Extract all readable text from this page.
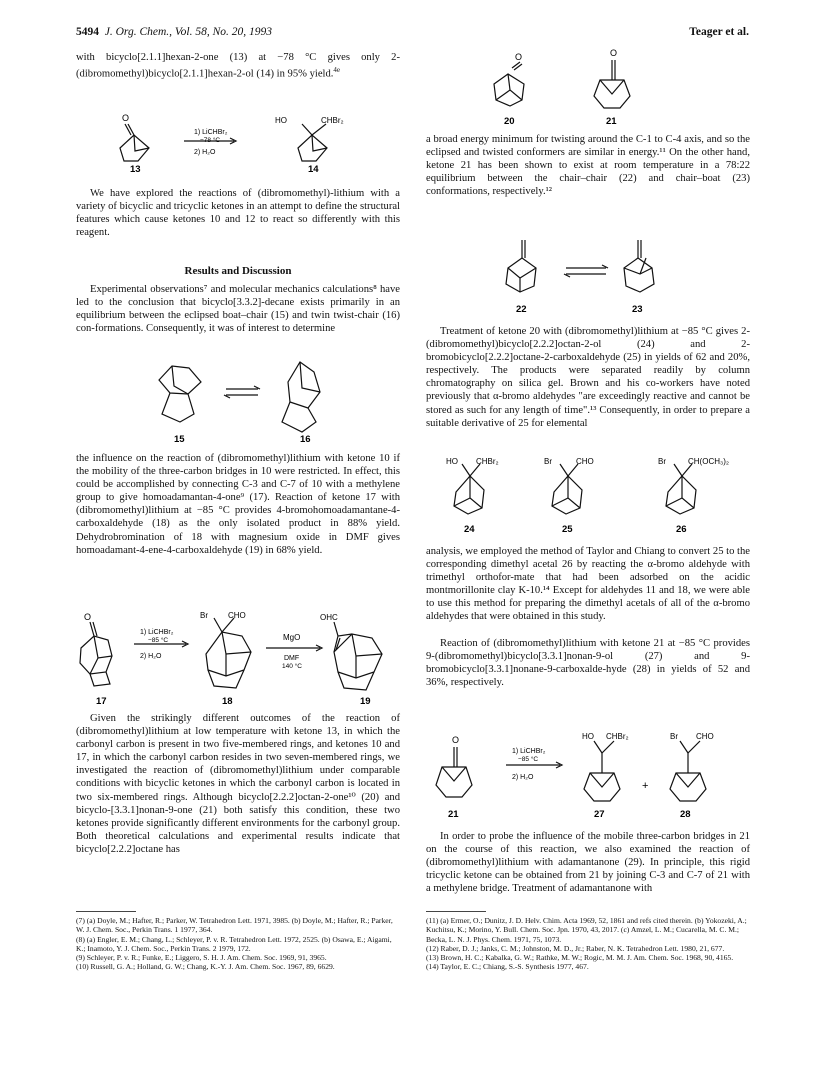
5494 J. Org. Chem., Vol. 58, No. 20, 1993	Teager et al.

with bicyclo[2.1.1]hexan-2-one (13) at −78 °C gives only 2-(dibromomethyl)bicyclo[2.1.1]hexan-2-ol (14) in 95% yield.$^{4e}$

O
1) LiCHBr₂
−78 °C
2) H₂O
HO	CHBr₂
13	14

We have explored the reactions of (dibromomethyl)-lithium with a variety of bicyclic and tricyclic ketones in an attempt to define the structural features which cause ketones 10 and 12 to react so differently with this reagent.

Results and Discussion

Experimental observations⁷ and molecular mechanics calculations⁸ have led to the conclusion that bicyclo[3.3.2]-decane exists primarily in an equilibrium between the eclipsed boat–chair (15) and twin twist-chair (16) con-formations. Consequently, it was of interest to determine

15	16

the influence on the reaction of (dibromomethyl)lithium with ketone 10 if the mobility of the three-carbon bridges in 10 were restricted. In effect, this could be accomplished by connecting C-3 and C-7 of 10 with a methylene group to give homoadamantan-4-one⁹ (17). Reaction of ketone 17 with (dibromomethyl)lithium at −85 °C provides 4-bromohomoadamantane-4-carboxaldehyde (18) as the only isolated product in 88% yield. Dehydrobromination of 18 with magnesium oxide in DMF gives homoadamant-4-ene-4-carboxaldehyde (19) in 68% yield.

O
1) LiCHBr₂
−85 °C
2) H₂O
Br	CHO
MgO
DMF
140 °C
OHC
17	18	19

Given the strikingly different outcomes of the reaction of (dibromomethyl)lithium at low temperature with ketone 13, in which the carbonyl carbon is present in two five-membered rings, and ketones 10 and 17, in which the carbonyl carbon resides in two seven-membered rings, we investigated the reaction of (dibromomethyl)lithium under comparable conditions with bicyclic ketones in which the carbonyl carbon is located in two six-membered rings. Although bicyclo[2.2.2]octan-2-one¹⁰ (20) and bicyclo-[3.3.1]nonan-9-one (21) both satisfy this condition, these two ketones provide significantly different environments for the carbonyl group. Both theoretical calculations and experimental results indicate that bicyclo[2.2.2]octane has

(7) (a) Doyle, M.; Hafter, R.; Parker, W. Tetrahedron Lett. 1971, 3985. (b) Doyle, M.; Hafter, R.; Parker, W. J. Chem. Soc., Perkin Trans. 1 1977, 364.

(8) (a) Engler, E. M.; Chang, L.; Schleyer, P. v. R. Tetrahedron Lett. 1972, 2525. (b) Osawa, E.; Aigami, K.; Inamoto, Y. J. Chem. Soc., Perkin Trans. 2 1979, 172.

(9) Schleyer, P. v. R.; Funke, E.; Liggero, S. H. J. Am. Chem. Soc. 1969, 91, 3965.

(10) Russell, G. A.; Holland, G. W.; Chang, K.-Y. J. Am. Chem. Soc. 1967, 89, 6629.

O	O
20	21

a broad energy minimum for twisting around the C-1 to C-4 axis, and so the eclipsed and twisted conformers are similar in energy.¹¹ On the other hand, ketone 21 has been shown to exist at room temperature in a 78:22 equilibrium between the chair–chair (22) and chair–boat (23) conformations, respectively.¹²

22	23

Treatment of ketone 20 with (dibromomethyl)lithium at −85 °C gives 2-(dibromomethyl)bicyclo[2.2.2]octan-2-ol (24) and 2-bromobicyclo[2.2.2]octane-2-carboxaldehyde (25) in yields of 62 and 20%, respectively. The products were separated readily by column chromatography on silica gel. Brown and his co-workers have noted previously that α-bromo aldehydes "are exceedingly reactive and cannot be stored as such for any length of time".¹³ Consequently, in order to prepare a suitable derivative of 25 for elemental

HO CHBr₂	Br	CHO	Br	CH(OCH₃)₂
24	25	26

analysis, we employed the method of Taylor and Chiang to convert 25 to the corresponding dimethyl acetal 26 by reacting the α-bromo aldehyde with trimethyl orthofor-mate that had been adsorbed on the acidic montmorillonite clay K-10.¹⁴ Except for aldehydes 11 and 18, we were able to use this method for preparing the dimethyl acetals of all of the α-bromo aldehydes that were obtained in this study.

Reaction of (dibromomethyl)lithium with ketone 21 at −85 °C provides 9-(dibromomethyl)bicyclo[3.3.1]nonan-9-ol (27) and 9-bromobicyclo[3.3.1]nonane-9-carboxalde-hyde (28) in yields of 52 and 36%, respectively.

O
1) LiCHBr₂
−85 °C
2) H₂O
HO CHBr₂
+
Br CHO
21	27	28

In order to probe the influence of the mobile three-carbon bridges in 21 on the course of this reaction, we also examined the reaction of (dibromomethyl)lithium with adamantanone (29). In principle, this rigid tricyclic ketone can be obtained from 21 by joining C-3 and C-7 of 21 with a methylene bridge. Treatment of adamantanone with

(11) (a) Ermer, O.; Dunitz, J. D. Helv. Chim. Acta 1969, 52, 1861 and refs cited therein. (b) Yokozeki, A.; Kuchitsu, K.; Morino, Y. Bull. Chem. Soc. Jpn. 1970, 43, 2017. (c) Amzel, L. M.; Cucarella, M. C. M.; Becka, L. N. J. Phys. Chem. 1971, 75, 1073.

(12) Raber, D. J.; Janks, C. M.; Johnston, M. D., Jr.; Raber, N. K. Tetrahedron Lett. 1980, 21, 677.

(13) Brown, H. C.; Kabalka, G. W.; Rathke, M. W.; Rogic, M. M. J. Am. Chem. Soc. 1968, 90, 4165.

(14) Taylor, E. C.; Chiang, S.-S. Synthesis 1977, 467.
